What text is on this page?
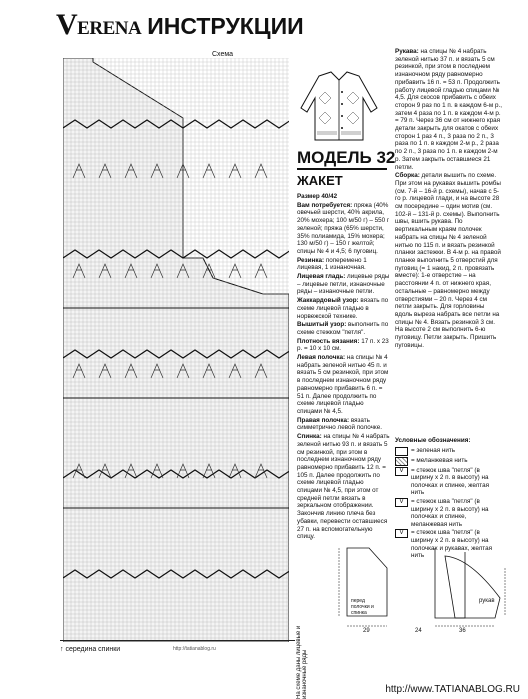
VERENA ИНСТРУКЦИИ
Схема
↑ середина спинки	http://tatianablog.ru
МОДЕЛЬ 32
ЖАКЕТ

Размер 40/42

Вам потребуется: пряжа (40% овечьей шерсти, 40% акрила, 20% мохера; 100 м/50 г) – 550 г зеленой; пряжа (65% шерсти, 35% полиамида, 15% мохера; 130 м/50 г) – 150 г желтой; спицы № 4 и 4,5; 6 пуговиц.

Резинка: поперемено 1 лицевая, 1 изнаночная.

Лицевая гладь: лицевые ряды – лицевые петли, изнаночные ряды – изнаночные петли.

Жаккардовый узор: вязать по схеме лицевой гладью в норвежской технике.

Вышитый узор: выполнить по схеме стежком "петля".

Плотность вязания: 17 п. x 23 р. = 10 x 10 см.

Левая полочка: на спицы № 4 набрать зеленой нитью 45 п. и вязать 5 см резинкой, при этом в последнем изнаночном ряду равномерно прибавить 6 п. = 51 п. Далее продолжить по схеме лицевой гладью спицами № 4,5.

Правая полочка: вязать симметрично левой полочке.

Спинка: на спицы № 4 набрать зеленой нитью 93 п. и вязать 5 см резинкой, при этом в последнем изнаночном ряду равномерно прибавить 12 п. = 105 п. Далее продолжить по схеме лицевой гладью спицами № 4,5, при этом от средней петли вязать в зеркальном отображении. Закончив линию плеча без убавки, перевести оставшиеся 27 п. на вспомогательную спицу.

Рукава: на спицы № 4 набрать зеленой нитью 37 п. и вязать 5 см резинкой, при этом в последнем изнаночном ряду равномерно прибавить 16 п. = 53 п. Продолжить работу лицевой гладью спицами № 4,5. Для скосов прибавить с обеих сторон 9 раз по 1 п. в каждом 6-м р., затем 4 раза по 1 п. в каждом 4-м р. = 79 п. Через 36 см от нижнего края детали закрыть для окатов с обеих сторон 1 раз 4 п., 3 раза по 2 п., 3 раза по 1 п. в каждом 2-м р., 2 раза по 2 п., 3 раза по 1 п. в каждом 2-м р. Затем закрыть оставшиеся 21 петли.

Сборка: детали вышить по схеме. При этом на рукавах вышить ромбы (см. 7-й – 16-й р. схемы), начав с 5-го р. лицевой глади, и на высоте 28 см посередине – один мотив (см. 102-й – 131-й р. схемы). Выполнить швы, вшить рукава. По вертикальным краям полочек набрать на спицы № 4 зеленой нитью по 115 п. и вязать резинкой планки застежки. В 4-м р. на правой планке выполнить 5 отверстий для пуговиц (= 1 накид, 2 п. провязать вместе): 1-е отверстие – на расстоянии 4 п. от нижнего края, остальные – равномерно между отверстиями – 20 п. Через 4 см петли закрыть. Для горловины вдоль выреза набрать все петли на спицы № 4. Вязать резинкой 3 см. На высоте 2 см выполнить 6-ю пуговицу. Петли закрыть. Пришить пуговицы.

Условные обозначения:
= зеленая нить
= меланжевая нить
V	= стежок шва "петля" (в ширину х 2 п. в высоту) на полочках и спинке, желтая нить
V	= стежок шва "петля" (в ширину х 2 п. в высоту) на полочках и спинке, меланжевая нить
V	= стежок шва "петля" (в ширину х 2 п. в высоту) на полочках и рукавах, желтая нить
перед полочки и спинка
рукав
29	36
24
На схеме даны лицевые и изнаночные ряды	http://www.TATIANABLOG.RU
